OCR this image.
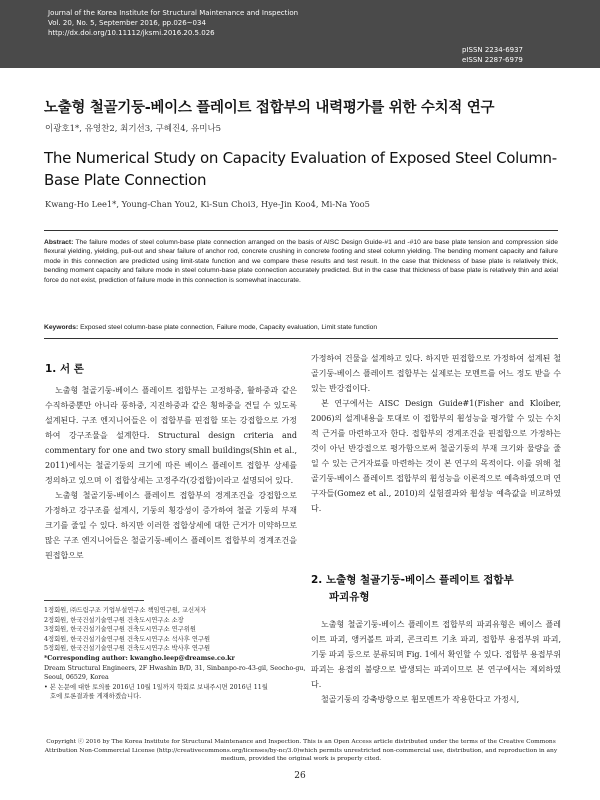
Journal of the Korea Institute for Structural Maintenance and Inspection
Vol. 20, No. 5, September 2016, pp.026~034
http://dx.doi.org/10.11112/jksmi.2016.20.5.026
pISSN 2234-6937
eISSN 2287-6979
노출형 철골기둥-베이스 플레이트 접합부의 내력평가를 위한 수치적 연구
이광호1*, 유영찬2, 최기선3, 구혜진4, 유미나5
The Numerical Study on Capacity Evaluation of Exposed Steel Column-Base Plate Connection
Kwang-Ho Lee1*, Young-Chan You2, Ki-Sun Choi3, Hye-Jin Koo4, Mi-Na Yoo5
Abstract: The failure modes of steel column-base plate connection arranged on the basis of AISC Design Guide-#1 and -#10 are base plate tension and compression side flexural yielding, yielding, pull-out and shear failure of anchor rod, concrete crushing in concrete footing and steel column yielding. The bending moment capacity and failure mode in this connection are predicted using limit-state function and we compare these results and test result. In the case that thickness of base plate is relatively thick, bending moment capacity and failure mode in steel column-base plate connection accurately predicted. But in the case that thickness of base plate is relatively thin and axial force do not exist, prediction of failure mode in this connection is somewhat inaccurate.
Keywords: Exposed steel column-base plate connection, Failure mode, Capacity evaluation, Limit state function
1. 서 론

노출형 철골기둥-베이스 플레이트 접합부는 고정하중, 활하중과 같은 수직하중뿐만 아니라 풍하중, 지진하중과 같은 횡하중을 견딜 수 있도록 설계된다. 구조 엔지니어들은 이 접합부를 핀접합 또는 강접합으로 가정하여 강구조물을 설계한다. Structural design criteria and commentary for one and two story small buildings(Shin et al., 2011)에서는 철골기둥의 크기에 따른 베이스 플레이트 접합부 상세를 정의하고 있으며 이 접합상세는 고정주각(강접합)이라고 설명되어 있다.

노출형 철골기둥-베이스 플레이트 접합부의 경계조건을 강접합으로 가정하고 강구조를 설계시, 기둥의 횡강성이 증가하여 철골 기둥의 부재 크기를 줄일 수 있다. 하지만 이러한 접합상세에 대한 근거가 미약하므로 많은 구조 엔지니어들은 철골기둥-베이스 플레이트 접합부의 경계조건을 핀접합으로

가정하여 건물을 설계하고 있다. 하지만 핀접합으로 가정하여 설계된 철골기둥-베이스 플레이트 접합부는 실제로는 모멘트를 어느 정도 받을 수 있는 반강접이다.

본 연구에서는 AISC Design Guide#1(Fisher and Kloiber, 2006)의 설계내용을 토대로 이 접합부의 휨성능을 평가할 수 있는 수치적 근거를 마련하고자 한다. 접합부의 경계조건을 핀접합으로 가정하는 것이 아닌 반강접으로 평가함으로써 철골기둥의 부재 크기와 물량을 줄일 수 있는 근거자료를 마련하는 것이 본 연구의 목적이다. 이를 위해 철골기둥-베이스 플레이트 접합부의 휨성능을 이론적으로 예측하였으며 연구자들(Gomez et al., 2010)의 실험결과와 휨성능 예측값을 비교하였다.

2. 노출형 철골기둥-베이스 플레이트 접합부
파괴유형

노출형 철골기둥-베이스 플레이트 접합부의 파괴유형은 베이스 플레이트 파괴, 앵커볼트 파괴, 콘크리트 기초 파괴, 접합부 용접부위 파괴, 기둥 파괴 등으로 분류되며 Fig. 1에서 확인할 수 있다. 접합부 용접부위 파괴는 용접의 불량으로 발생되는 파괴이므로 본 연구에서는 제외하였다.

철골기둥의 강축방향으로 휨모멘트가 작용한다고 가정시,

1정회원, ㈜드림구조 기업부설연구소 책임연구원, 교신저자
2정회원, 한국건설기술연구원 건축도시연구소 소장
3정회원, 한국건설기술연구원 건축도시연구소 연구위원
4정회원, 한국건설기술연구원 건축도시연구소 석사후 연구원
5정회원, 한국건설기술연구원 건축도시연구소 박사후 연구원
*Corresponding author: kwangho.leep@dreamse.co.kr
Dream Structural Engineers, 2F Hwashin B/D, 31, Sinbanpo-ro-43-gil, Seocho-gu,
Seoul, 06529, Korea
• 본 논문에 대한 토의를 2016년 10월 1일까지 학회로 보내주시면 2016년 11월
호에 토론결과를 게재하겠습니다.
Copyright ⓒ 2016 by The Korea Institute for Structural Maintenance and Inspection. This is an Open Access article distributed under the terms of the Creative Commons Attribution Non-Commercial License (http://creativecommons.org/licenses/by-nc/3.0)which permits unrestricted non-commercial use, distribution, and reproduction in any medium, provided the original work is properly cited.
26
